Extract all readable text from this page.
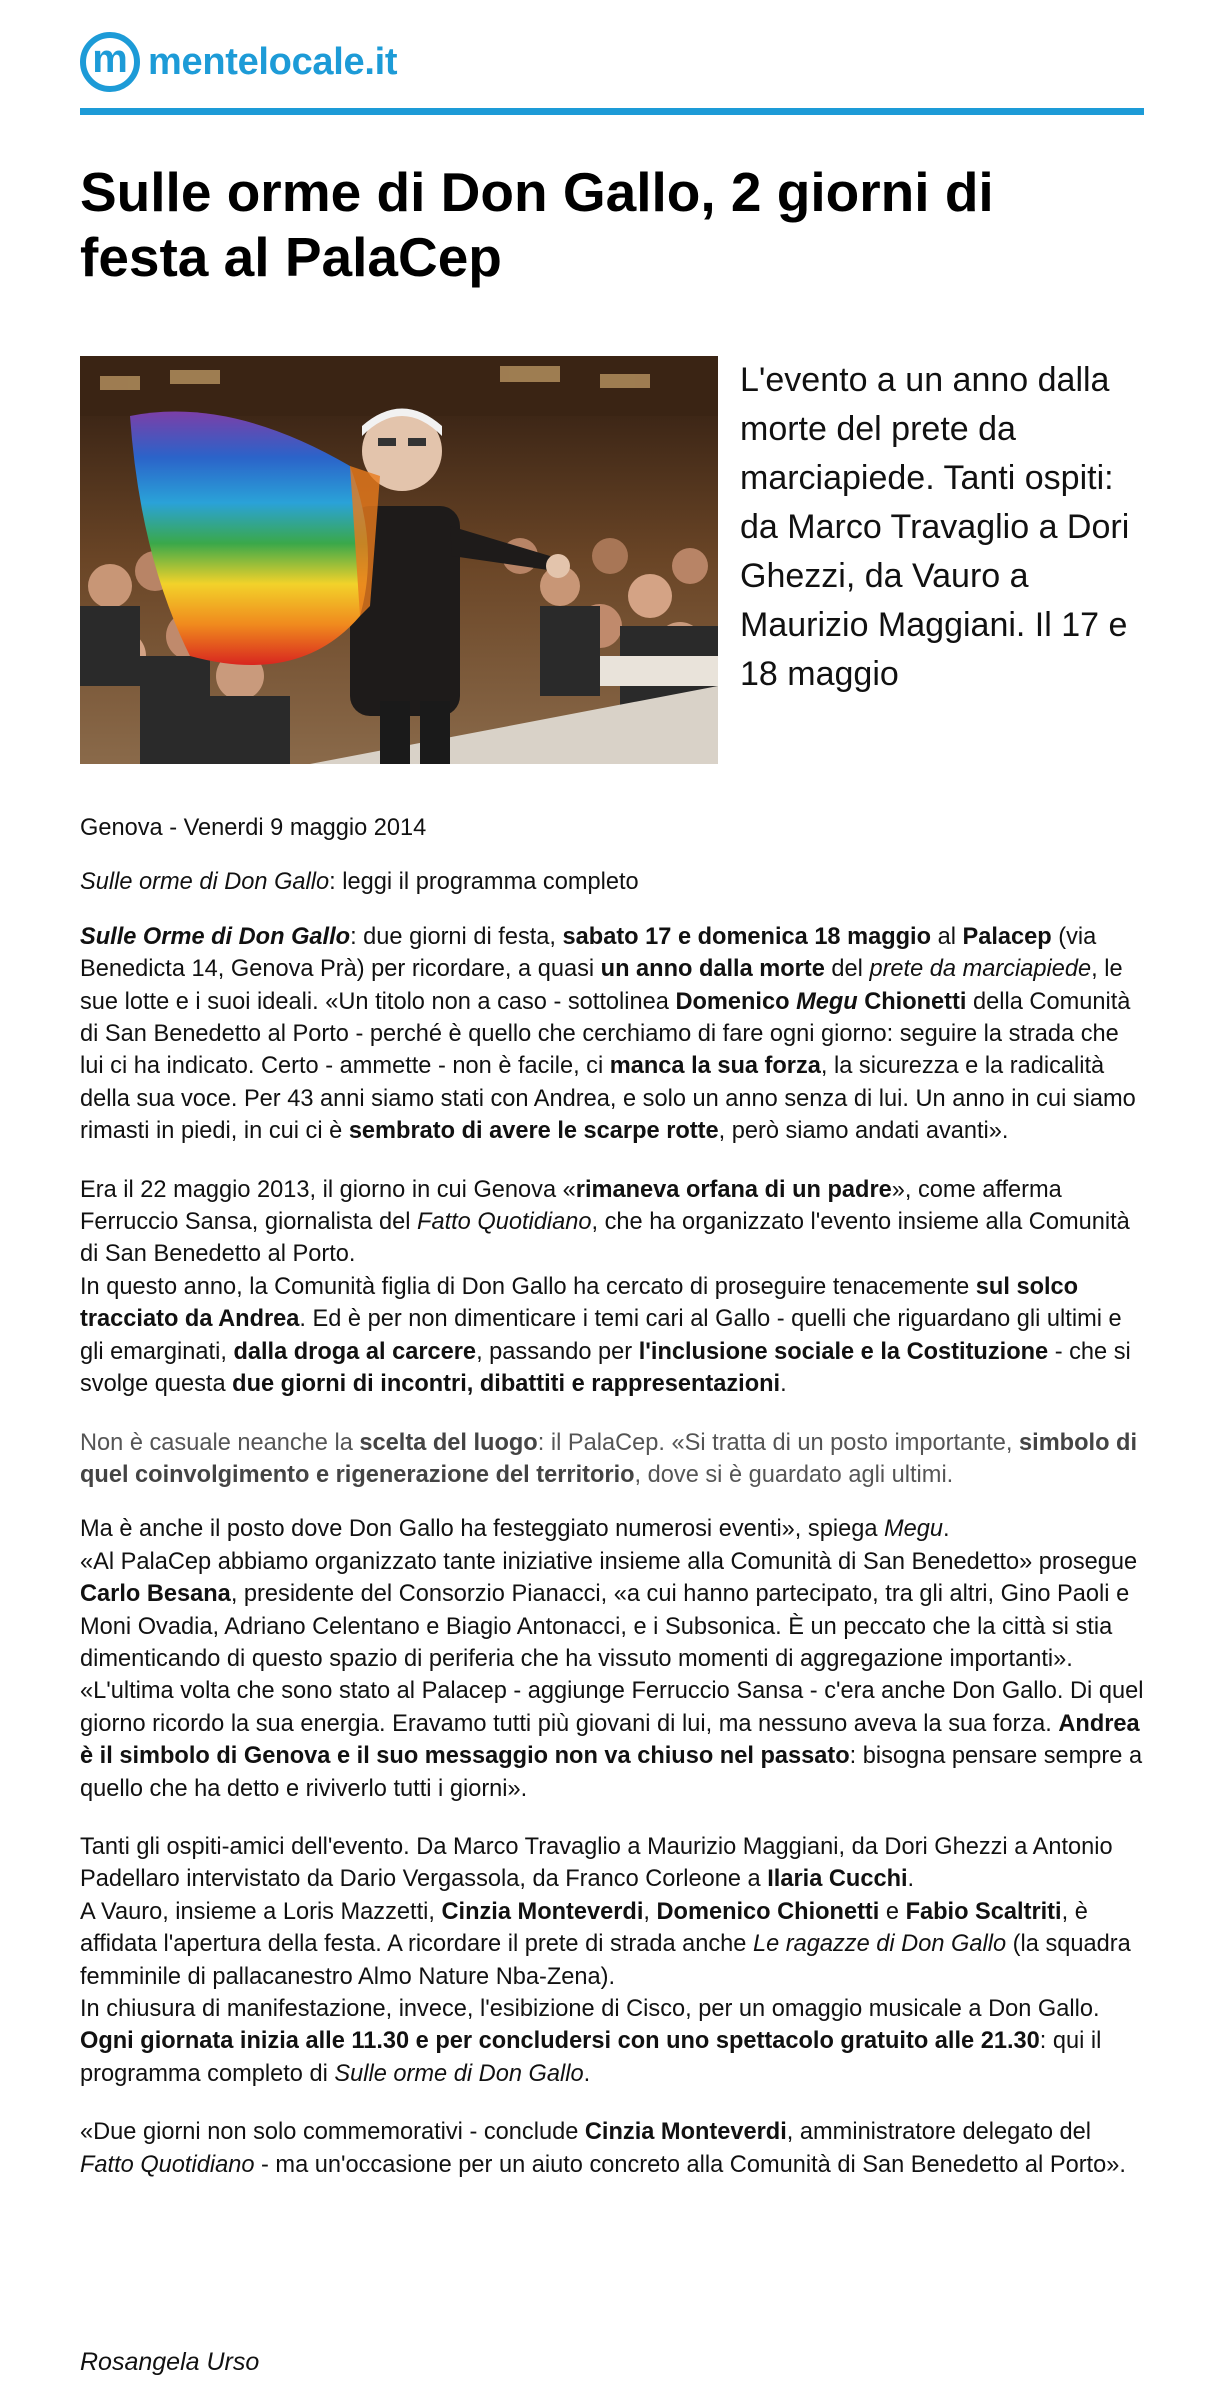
m mentelocale.it
Sulle orme di Don Gallo, 2 giorni di festa al PalaCep

L'evento a un anno dalla morte del prete da marciapiede. Tanti ospiti: da Marco Travaglio a Dori Ghezzi, da Vauro a Maurizio Maggiani. Il 17 e 18 maggio

Genova - Venerdi 9 maggio 2014

Sulle orme di Don Gallo: leggi il programma completo

Sulle Orme di Don Gallo: due giorni di festa, sabato 17 e domenica 18 maggio al Palacep (via Benedicta 14, Genova Prà) per ricordare, a quasi un anno dalla morte del prete da marciapiede, le sue lotte e i suoi ideali. «Un titolo non a caso - sottolinea Domenico Megu Chionetti della Comunità di San Benedetto al Porto - perché è quello che cerchiamo di fare ogni giorno: seguire la strada che lui ci ha indicato. Certo - ammette - non è facile, ci manca la sua forza, la sicurezza e la radicalità della sua voce. Per 43 anni siamo stati con Andrea, e solo un anno senza di lui. Un anno in cui siamo rimasti in piedi, in cui ci è sembrato di avere le scarpe rotte, però siamo andati avanti».

Era il 22 maggio 2013, il giorno in cui Genova «rimaneva orfana di un padre», come afferma Ferruccio Sansa, giornalista del Fatto Quotidiano, che ha organizzato l'evento insieme alla Comunità di San Benedetto al Porto.
In questo anno, la Comunità figlia di Don Gallo ha cercato di proseguire tenacemente sul solco tracciato da Andrea. Ed è per non dimenticare i temi cari al Gallo - quelli che riguardano gli ultimi e gli emarginati, dalla droga al carcere, passando per l'inclusione sociale e la Costituzione - che si svolge questa due giorni di incontri, dibattiti e rappresentazioni.

Non è casuale neanche la scelta del luogo: il PalaCep. «Si tratta di un posto importante, simbolo di quel coinvolgimento e rigenerazione del territorio, dove si è guardato agli ultimi.

Ma è anche il posto dove Don Gallo ha festeggiato numerosi eventi», spiega Megu.
«Al PalaCep abbiamo organizzato tante iniziative insieme alla Comunità di San Benedetto» prosegue Carlo Besana, presidente del Consorzio Pianacci, «a cui hanno partecipato, tra gli altri, Gino Paoli e Moni Ovadia, Adriano Celentano e Biagio Antonacci, e i Subsonica. È un peccato che la città si stia dimenticando di questo spazio di periferia che ha vissuto momenti di aggregazione importanti».
«L'ultima volta che sono stato al Palacep - aggiunge Ferruccio Sansa - c'era anche Don Gallo. Di quel giorno ricordo la sua energia. Eravamo tutti più giovani di lui, ma nessuno aveva la sua forza. Andrea è il simbolo di Genova e il suo messaggio non va chiuso nel passato: bisogna pensare sempre a quello che ha detto e riviverlo tutti i giorni».

Tanti gli ospiti-amici dell'evento. Da Marco Travaglio a Maurizio Maggiani, da Dori Ghezzi a Antonio Padellaro intervistato da Dario Vergassola, da Franco Corleone a Ilaria Cucchi.
A Vauro, insieme a Loris Mazzetti, Cinzia Monteverdi, Domenico Chionetti e Fabio Scaltriti, è affidata l'apertura della festa. A ricordare il prete di strada anche Le ragazze di Don Gallo (la squadra femminile di pallacanestro Almo Nature Nba-Zena).
In chiusura di manifestazione, invece, l'esibizione di Cisco, per un omaggio musicale a Don Gallo.
Ogni giornata inizia alle 11.30 e per concludersi con uno spettacolo gratuito alle 21.30: qui il programma completo di Sulle orme di Don Gallo.

«Due giorni non solo commemorativi - conclude Cinzia Monteverdi, amministratore delegato del Fatto Quotidiano - ma un'occasione per un aiuto concreto alla Comunità di San Benedetto al Porto».

Rosangela Urso
